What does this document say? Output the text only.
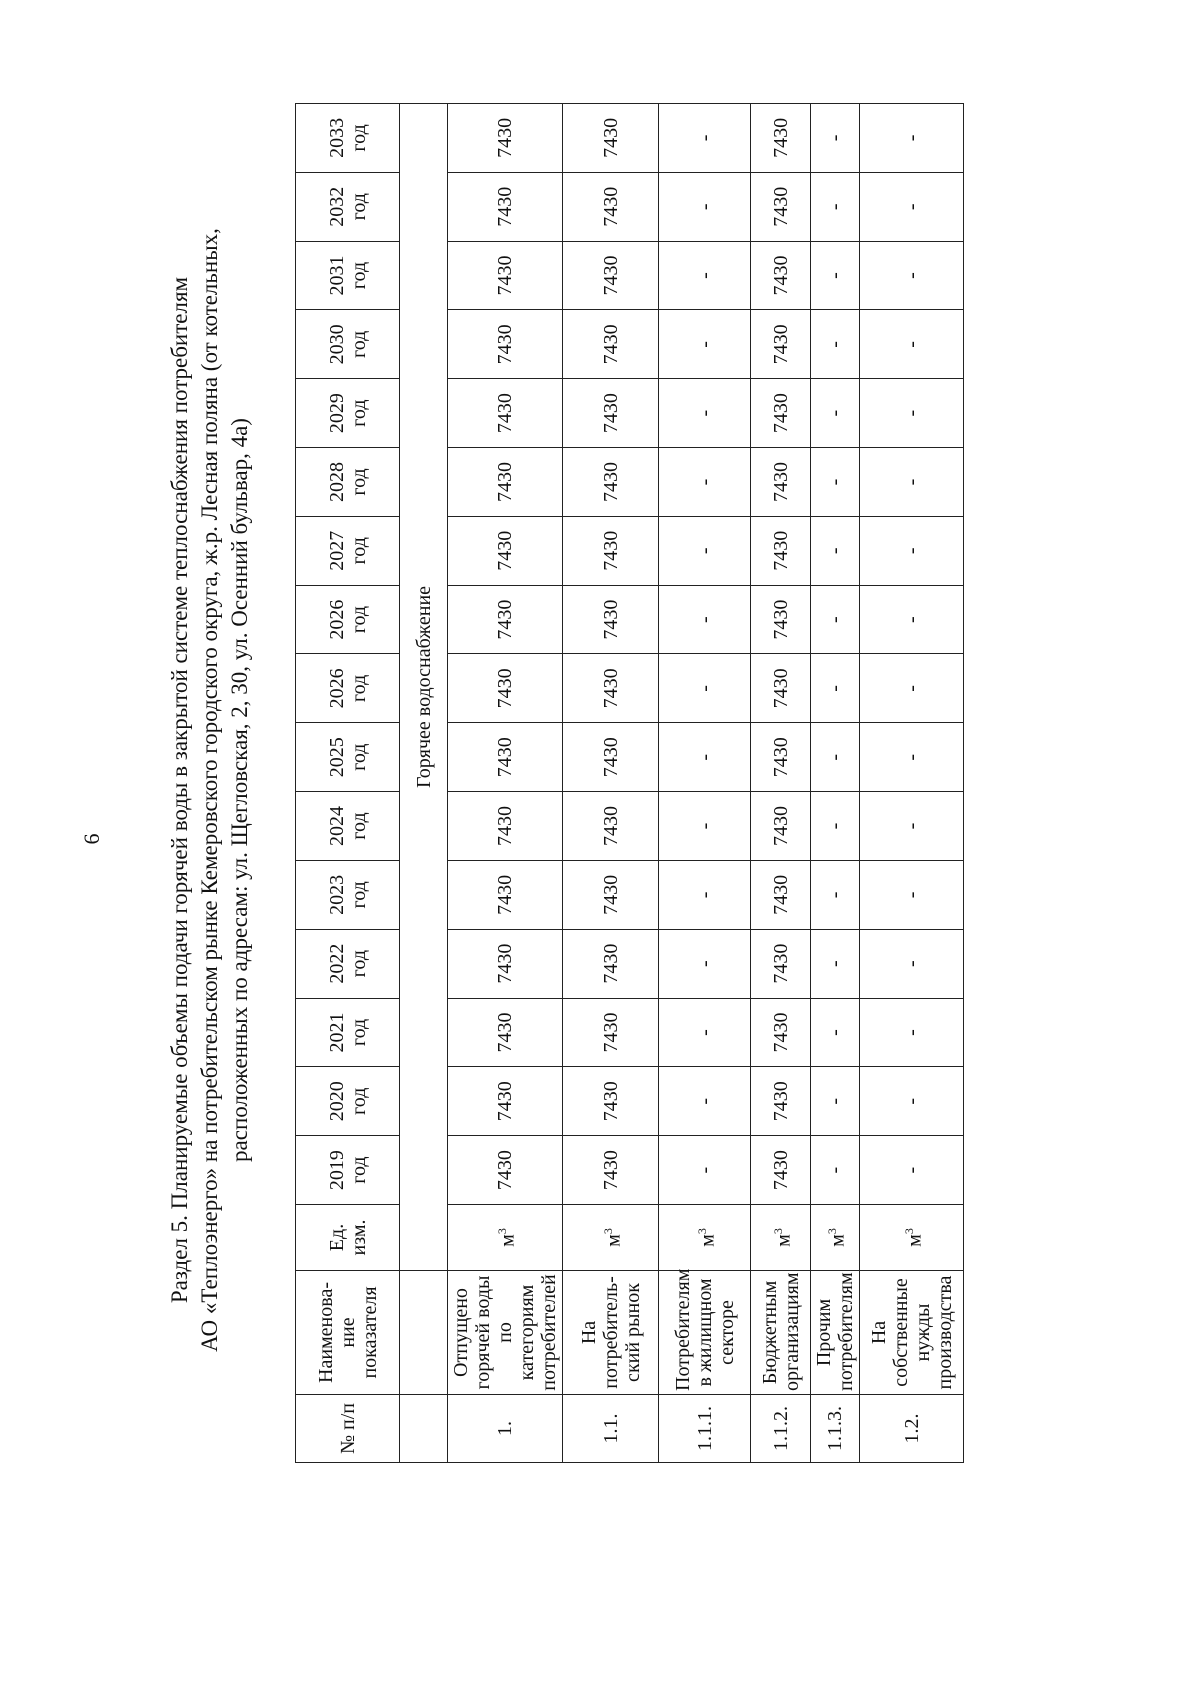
6	Раздел 5. Планируемые объемы подачи горячей воды в закрытой системе теплоснабжения потребителям АО «Теплоэнерго» на потребительском рынке Кемеровского городского округа, ж.р. Лесная поляна (от котельных, расположенных по адресам: ул. Щегловская, 2, 30, ул. Осенний бульвар, 4а)
№ п/п	Наименова-ние показателя	Ед. изм.	2019 год	2020 год	2021 год	2022 год	2023 год	2024 год	2025 год	2026 год	2026 год	2027 год	2028 год	2029 год	2030 год	2031 год	2032 год	2033 год
		Горячее водоснабжение																
1.	Отпущено горячей воды по категориям потребителей	$м^3$	7430	7430	7430	7430	7430	7430	7430	7430	7430	7430	7430	7430	7430	7430	7430	7430
1.1.	На потребитель-ский рынок	$м^3$	7430	7430	7430	7430	7430	7430	7430	7430	7430	7430	7430	7430	7430	7430	7430	7430
1.1.1.	Потребителям в жилищном секторе	$м^3$	-	-	-	-	-	-	-	-	-	-	-	-	-	-	-	-
1.1.2.	Бюджетным организациям	$м^3$	7430	7430	7430	7430	7430	7430	7430	7430	7430	7430	7430	7430	7430	7430	7430	7430
1.1.3.	Прочим потребителям	$м^3$	-	-	-	-	-	-	-	-	-	-	-	-	-	-	-	-
1.2.	На собственные нужды производства	$м^3$	-	-	-	-	-	-	-	-	-	-	-	-	-	-	-	-
